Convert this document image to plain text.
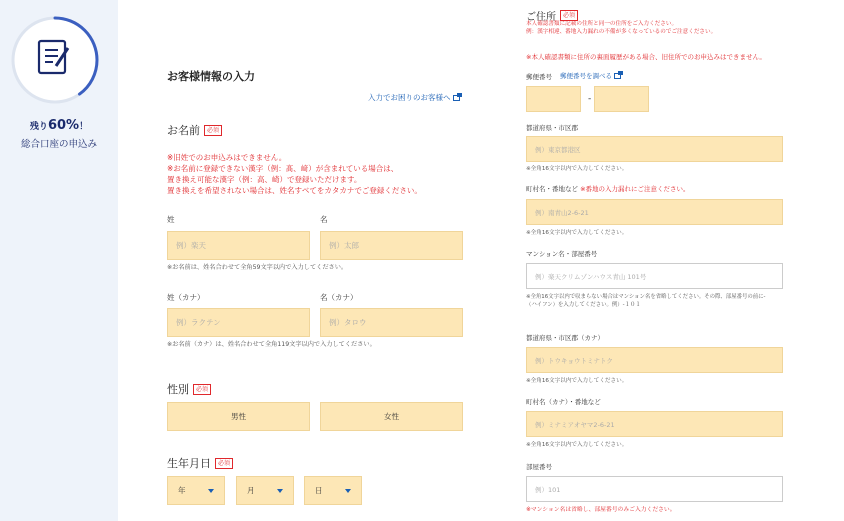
残り60%！
総合口座の申込み
お客様情報の入力
入力でお困りのお客様へ
お名前	必須
※旧姓でのお申込みはできません。
※お名前に登録できない漢字（例：髙、﨑）が含まれている場合は、
置き換え可能な漢字（例：高、崎）で登録いただけます。
置き換えを希望されない場合は、姓名すべてをカタカナでご登録ください。
姓	名
例）楽天	例）太郎
※お名前は、姓名合わせて全角59文字以内で入力してください。
姓（カナ）	名（カナ）
例）ラクテン	例）タロウ
※お名前（カナ）は、姓名合わせて全角119文字以内で入力してください。
性別	必須
男性	女性
生年月日	必須
年	月	日
ご住所	必須
本人確認書類に記載の住所と同一の住所をご入力ください。
例：漢字相違、番地入力漏れの不備が多くなっているのでご注意ください。
※本人確認書類に住所の裏面履歴がある場合、旧住所でのお申込みはできません。
郵便番号 郵便番号を調べる
-
都道府県・市区郡
例）東京都港区
※全角16文字以内で入力してください。
町村名・番地など ※番地の入力漏れにご注意ください。
例）南青山2-6-21
※全角16文字以内で入力してください。
マンション名・部屋番号
例）楽天クリムゾンハウス青山 101号
※全角16文字以内で収まらない場合はマンション名を省略してください。その際、部屋番号の前に-
（ハイフン）を入力してください。例）-１０１
都道府県・市区郡（カナ）
例）トウキョウトミナトク
※全角16文字以内で入力してください。
町村名（カナ）・番地など
例）ミナミアオヤマ2-6-21
※全角16文字以内で入力してください。
部屋番号
例）101
※マンション名は省略し、部屋番号のみご入力ください。
